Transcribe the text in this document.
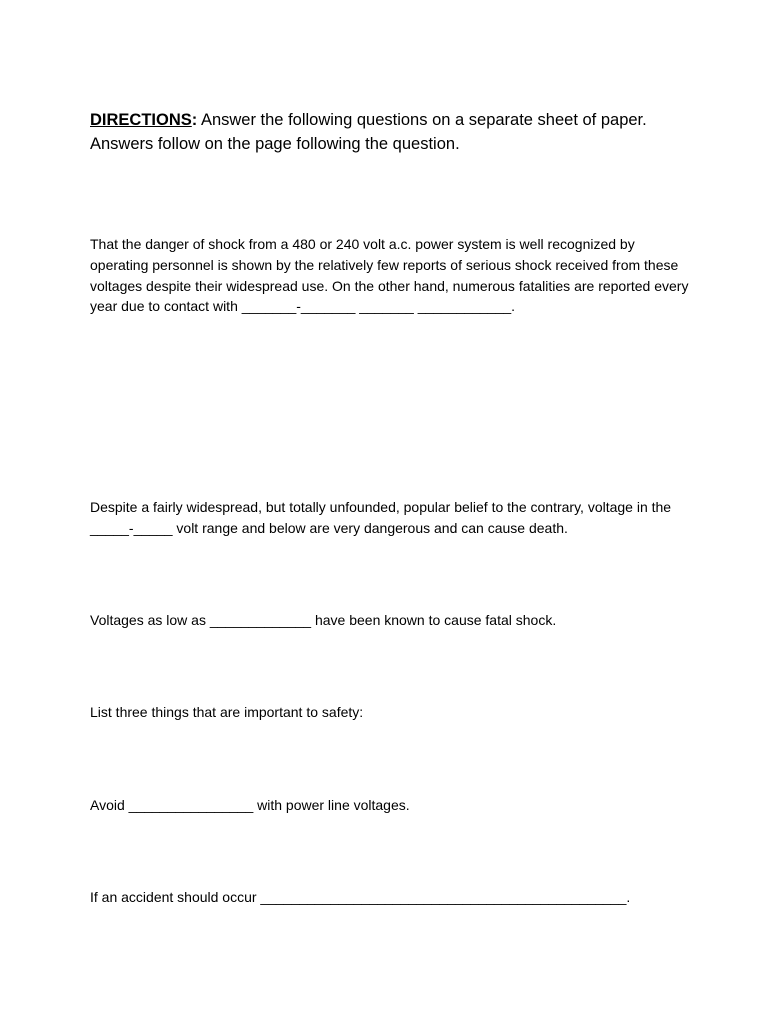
DIRECTIONS: Answer the following questions on a separate sheet of paper. Answers follow on the page following the question.
That the danger of shock from a 480 or 240 volt a.c. power system is well recognized by operating personnel is shown by the relatively few reports of serious shock received from these voltages despite their widespread use. On the other hand, numerous fatalities are reported every year due to contact with _______-_______ _______ ____________.
Despite a fairly widespread, but totally unfounded, popular belief to the contrary, voltage in the _____-_____ volt range and below are very dangerous and can cause death.
Voltages as low as _____________ have been known to cause fatal shock.
List three things that are important to safety:
Avoid ________________ with power line voltages.
If an accident should occur _______________________________________________.
